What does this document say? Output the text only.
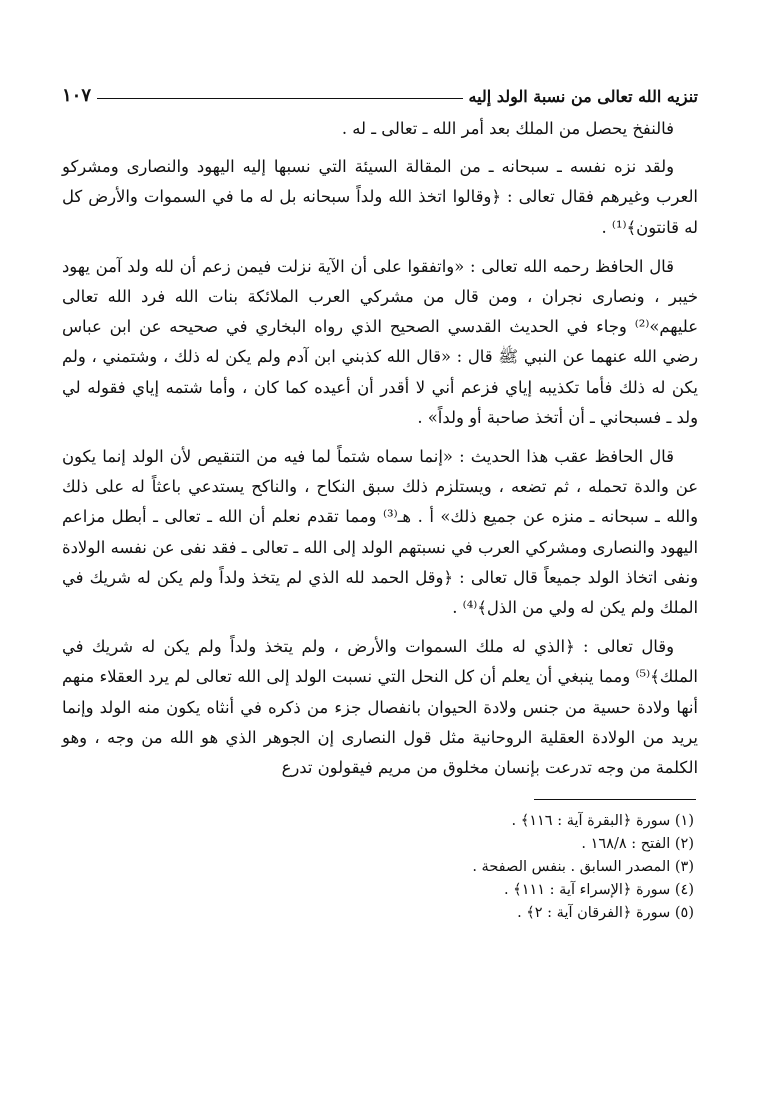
تنزيه الله تعالى من نسبة الولد إليه
١٠٧

فالنفخ يحصل من الملك بعد أمر الله ـ تعالى ـ له .

ولقد نزه نفسه ـ سبحانه ـ من المقالة السيئة التي نسبها إليه اليهود والنصارى ومشركو العرب وغيرهم فقال تعالى : ﴿وقالوا اتخذ الله ولداً سبحانه بل له ما في السموات والأرض كل له قانتون﴾⁽¹⁾ .

قال الحافظ رحمه الله تعالى : «واتفقوا على أن الآية نزلت فيمن زعم أن لله ولد آمن يهود خيبر ، ونصارى نجران ، ومن قال من مشركي العرب الملائكة بنات الله فرد الله تعالى عليهم»⁽²⁾ وجاء في الحديث القدسي الصحيح الذي رواه البخاري في صحيحه عن ابن عباس رضي الله عنهما عن النبي ﷺ قال : «قال الله كذبني ابن آدم ولم يكن له ذلك ، وشتمني ، ولم يكن له ذلك فأما تكذيبه إياي فزعم أني لا أقدر أن أعيده كما كان ، وأما شتمه إياي فقوله لي ولد ـ فسبحاني ـ أن أتخذ صاحبة أو ولداً» .

قال الحافظ عقب هذا الحديث : «إنما سماه شتماً لما فيه من التنقيص لأن الولد إنما يكون عن والدة تحمله ، ثم تضعه ، ويستلزم ذلك سبق النكاح ، والناكح يستدعي باعثاً له على ذلك والله ـ سبحانه ـ منزه عن جميع ذلك» أ . هـ⁽³⁾ ومما تقدم نعلم أن الله ـ تعالى ـ أبطل مزاعم اليهود والنصارى ومشركي العرب في نسبتهم الولد إلى الله ـ تعالى ـ فقد نفى عن نفسه الولادة ونفى اتخاذ الولد جميعاً قال تعالى : ﴿وقل الحمد لله الذي لم يتخذ ولداً ولم يكن له شريك في الملك ولم يكن له ولي من الذل﴾⁽⁴⁾ .

وقال تعالى : ﴿الذي له ملك السموات والأرض ، ولم يتخذ ولداً ولم يكن له شريك في الملك﴾⁽⁵⁾ ومما ينبغي أن يعلم أن كل النحل التي نسبت الولد إلى الله تعالى لم يرد العقلاء منهم أنها ولادة حسية من جنس ولادة الحيوان بانفصال جزء من ذكره في أنثاه يكون منه الولد وإنما يريد من الولادة العقلية الروحانية مثل قول النصارى إن الجوهر الذي هو الله من وجه ، وهو الكلمة من وجه تدرعت بإنسان مخلوق من مريم فيقولون تدرع

(١) سورة ﴿البقرة آية : ١١٦﴾ .
(٢) الفتح : ١٦٨/٨ .
(٣) المصدر السابق . بنفس الصفحة .
(٤) سورة ﴿الإسراء آية : ١١١﴾ .
(٥) سورة ﴿الفرقان آية : ٢﴾ .
